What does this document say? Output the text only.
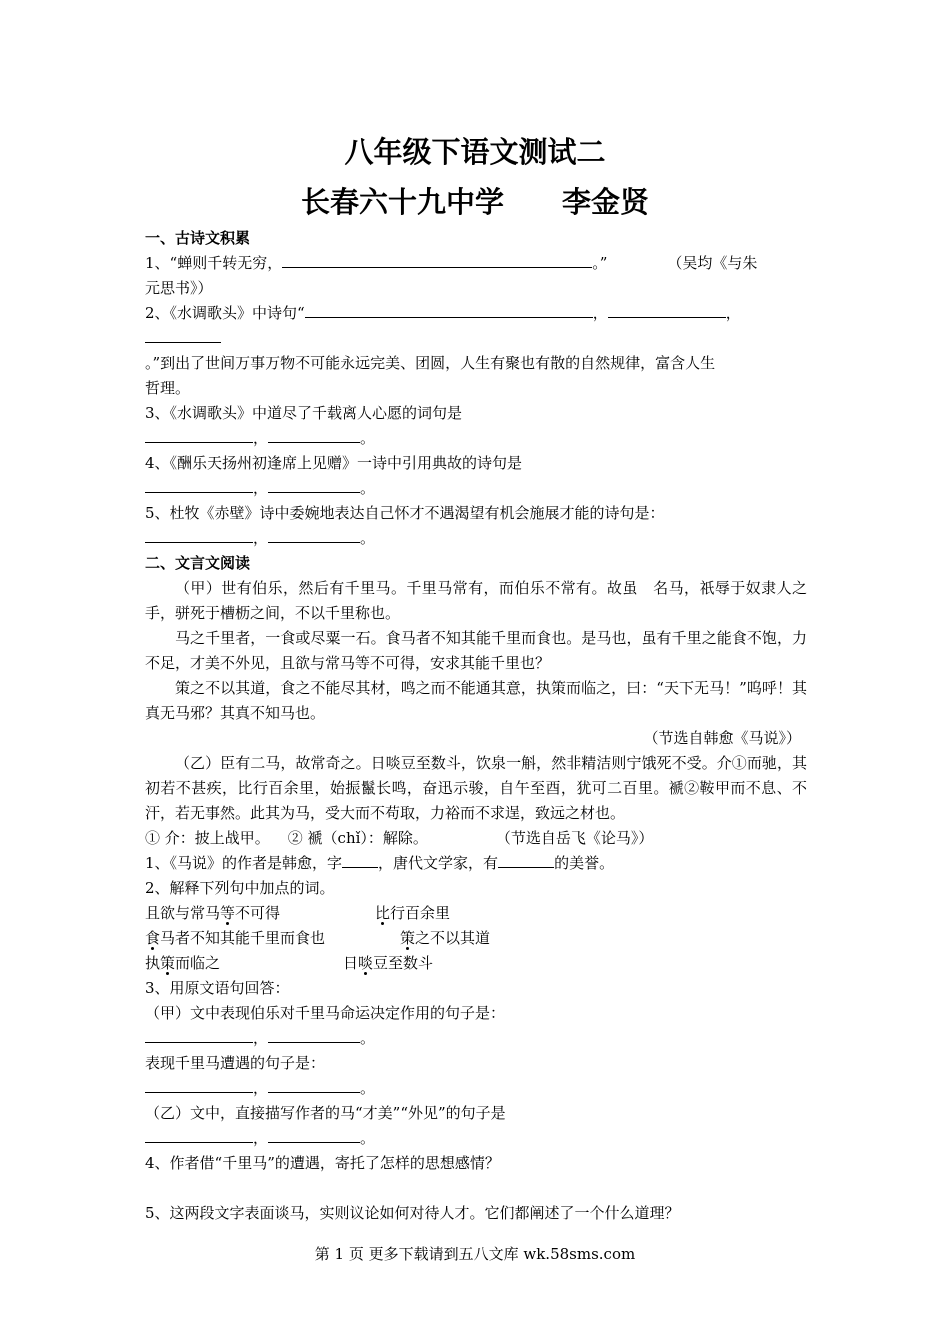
八年级下语文测试二
长春六十九中学 李金贤

一、古诗文积累

1、“蝉则千转无穷，	。”	（吴均《与朱

元思书》）

2、《水调歌头》中诗句“	，	，

。”到出了世间万事万物不可能永远完美、团圆，人生有聚也有散的自然规律，富含人生

哲理。

3、《水调歌头》中道尽了千载离人心愿的词句是

，	。

4、《酬乐天扬州初逢席上见赠》一诗中引用典故的诗句是

，	。

5、杜牧《赤壁》诗中委婉地表达自己怀才不遇渴望有机会施展才能的诗句是：

，	。

二、文言文阅读

（甲）世有伯乐，然后有千里马。千里马常有，而伯乐不常有。故虽　名马，祇辱于奴隶人之手，骈死于槽枥之间，不以千里称也。

马之千里者，一食或尽粟一石。食马者不知其能千里而食也。是马也，虽有千里之能食不饱，力不足，才美不外见，且欲与常马等不可得，安求其能千里也？

策之不以其道，食之不能尽其材，鸣之而不能通其意，执策而临之，曰：“天下无马！”呜呼！其真无马邪？其真不知马也。

（节选自韩愈《马说》）

（乙）臣有二马，故常奇之。日啖豆至数斗，饮泉一斛，然非精洁则宁饿死不受。介①而驰，其初若不甚疾，比行百余里，始振鬣长鸣，奋迅示骏，自午至酉，犹可二百里。褫②鞍甲而不息、不汗，若无事然。此其为马，受大而不苟取，力裕而不求逞，致远之材也。

① 介：披上战甲。 ② 褫（chǐ）：解除。	（节选自岳飞《论马》）

1、《马说》的作者是韩愈，字 ，唐代文学家，有	的美誉。

2、解释下列句中加点的词。

且欲与常马等不可得	比行百余里

食马者不知其能千里而食也	策之不以其道

执策而临之	日啖豆至数斗

3、用原文语句回答：

（甲）文中表现伯乐对千里马命运决定作用的句子是：

，	。

表现千里马遭遇的句子是：

，	。

（乙）文中，直接描写作者的马“才美”“外见”的句子是

，	。

4、作者借“千里马”的遭遇，寄托了怎样的思想感情？

5、这两段文字表面谈马，实则议论如何对待人才。它们都阐述了一个什么道理？

第 1 页 更多下载请到五八文库 wk.58sms.com
